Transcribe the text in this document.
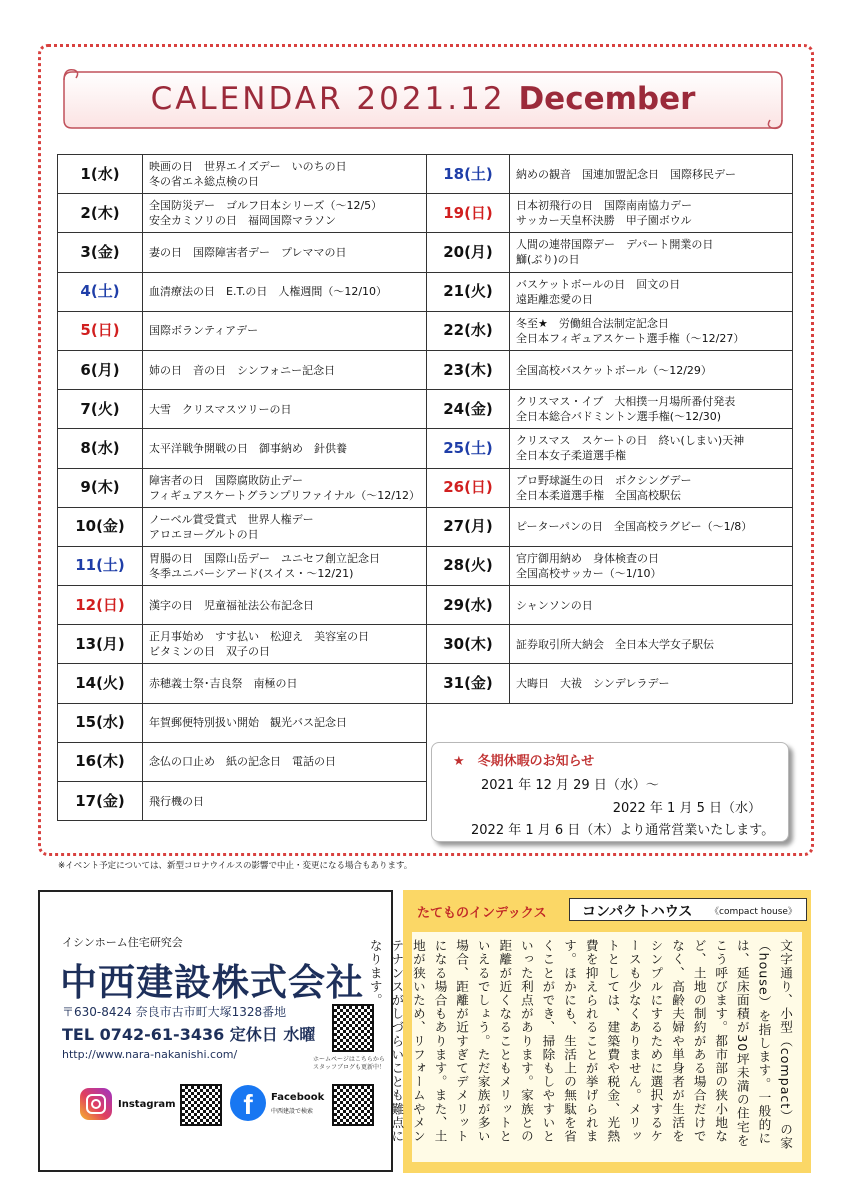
CALENDAR 2021.12 December
1(水)	映画の日　世界エイズデー　いのちの日
冬の省エネ総点検の日

2(木)	全国防災デー　ゴルフ日本シリーズ（～12/5）
安全カミソリの日　福岡国際マラソン

3(金)	妻の日　国際障害者デー　プレママの日

4(土)	血清療法の日　E.T.の日　人権週間（～12/10）

5(日)	国際ボランティアデー

6(月)	姉の日　音の日　シンフォニー記念日

7(火)	大雪　クリスマスツリーの日

8(水)	太平洋戦争開戦の日　御事納め　針供養

9(木)	障害者の日　国際腐敗防止デー
フィギュアスケートグランプリファイナル（～12/12）

10(金)	ノーベル賞受賞式　世界人権デー
アロエヨーグルトの日

11(土)	胃腸の日　国際山岳デー　ユニセフ創立記念日
冬季ユニバーシアード(スイス・～12/21)

12(日)	漢字の日　児童福祉法公布記念日

13(月)	正月事始め　すす払い　松迎え　美容室の日
ビタミンの日　双子の日

14(火)	赤穂義士祭･吉良祭　南極の日

15(水)	年賀郵便特別扱い開始　観光バス記念日

16(木)	念仏の口止め　紙の記念日　電話の日

17(金)	飛行機の日
18(土)	納めの観音　国連加盟記念日　国際移民デー

19(日)	日本初飛行の日　国際南南協力デー
サッカー天皇杯決勝　甲子園ボウル

20(月)	人間の連帯国際デー　デパート開業の日
鰤(ぶり)の日

21(火)	バスケットボールの日　回文の日
遠距離恋愛の日

22(水)	冬至★　労働組合法制定記念日
全日本フィギュアスケート選手権（～12/27）

23(木)	全国高校バスケットボール（～12/29）

24(金)	クリスマス・イブ　大相撲一月場所番付発表
全日本総合バドミントン選手権(～12/30)

25(土)	クリスマス　スケートの日　終い(しまい)天神
全日本女子柔道選手権

26(日)	プロ野球誕生の日　ボクシングデー
全日本柔道選手権　全国高校駅伝

27(月)	ピーターパンの日　全国高校ラグビー（～1/8）

28(火)	官庁御用納め　身体検査の日
全国高校サッカー（～1/10）

29(水)	シャンソンの日

30(木)	証券取引所大納会　全日本大学女子駅伝

31(金)	大晦日　大祓　シンデレラデー
★　冬期休暇のお知らせ
2021 年 12 月 29 日（水）～
2022 年 1 月 5 日（水）
2022 年 1 月 6 日（木）より通常営業いたします。
※イベント予定については、新型コロナウイルスの影響で中止・変更になる場合もあります。
イシンホーム住宅研究会
中西建設株式会社
〒630-8424 奈良市古市町大塚1328番地
TEL 0742-61-3436 定休日 水曜
http://www.nara-nakanishi.com/	ホームページはこちらから
スタッフブログも更新中！
Instagram	f	Facebook
中西建設で検索
たてものインデックス	コンパクトハウス 《compact house》
文字通り、小型（compact）の家（house）を指します。一般的には、延床面積が30坪未満の住宅をこう呼びます。都市部の狭小地など、土地の制約がある場合だけでなく、高齢夫婦や単身者が生活をシンプルにするために選択するケースも少なくありません。メリットとしては、建築費や税金、光熱費を抑えられることが挙げられます。ほかにも、生活上の無駄を省くことができ、掃除もしやすいといった利点があります。家族との距離が近くなることもメリットといえるでしょう。ただ家族が多い場合、距離が近すぎてデメリットになる場合もあります。また、土地が狭いため、リフォームやメンテナンスがしづらいことも難点になります。
